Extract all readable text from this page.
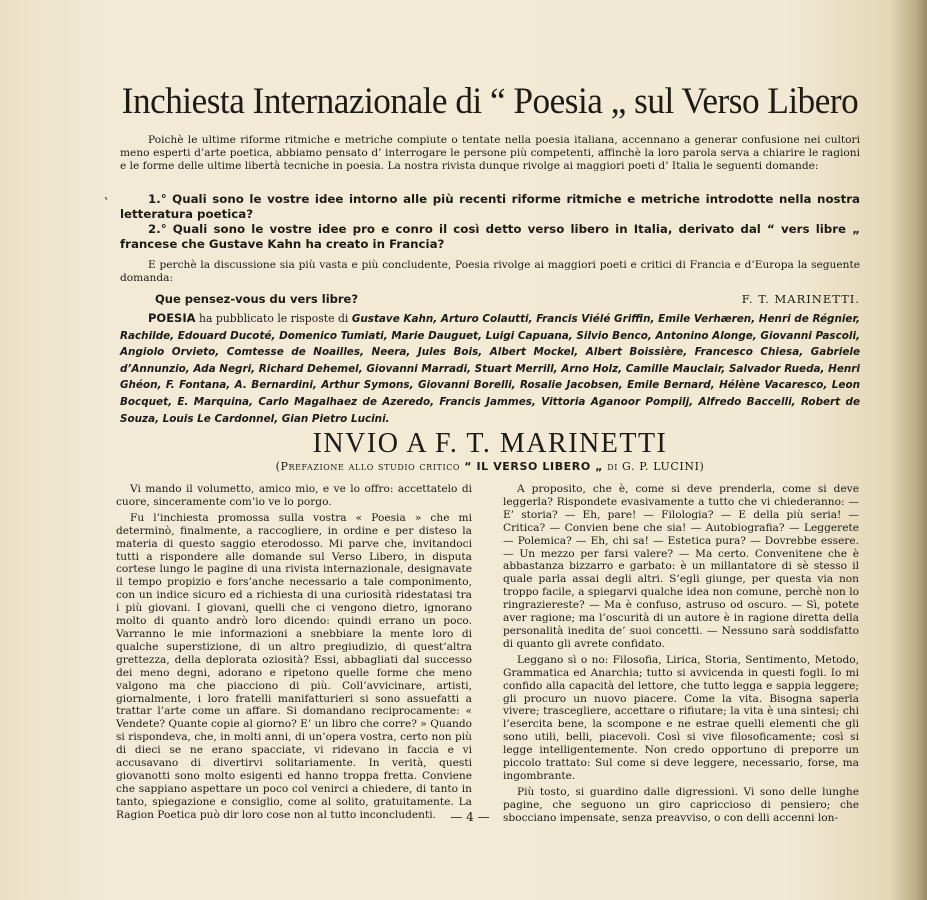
Inchiesta Internazionale di “ Poesia „ sul Verso Libero
Poichè le ultime riforme ritmiche e metriche compiute o tentate nella poesia italiana, accennano a generar confusione nei cultori meno esperti d’arte poetica, abbiamo pensato d’ interrogare le persone più competenti, affinchè la loro parola serva a chiarire le ragioni e le forme delle ultime libertà tecniche in poesia. La nostra rivista dunque rivolge ai maggiori poeti d’ Italia le seguenti domande:
ʽ	1.° Quali sono le vostre idee intorno alle più recenti riforme ritmiche e metriche introdotte nella nostra letteratura poetica?
2.° Quali sono le vostre idee pro e conro il così detto verso libero in Italia, derivato dal “ vers libre „ francese che Gustave Kahn ha creato in Francia?
E perchè la discussione sia più vasta e più concludente, Poesia rivolge ai maggiori poeti e critici di Francia e d’Europa la seguente domanda:
Que pensez-vous du vers libre?	F. T. MARINETTI.
POESIA ha pubblicato le risposte di Gustave Kahn, Arturo Colautti, Francis Viélé Griffin, Emile Verhæren, Henri de Régnier, Rachilde, Edouard Ducoté, Domenico Tumiati, Marie Dauguet, Luigi Capuana, Silvio Benco, Antonino Alonge, Giovanni Pascoli, Angiolo Orvieto, Comtesse de Noailles, Neera, Jules Bois, Albert Mockel, Albert Boissière, Francesco Chiesa, Gabriele d’Annunzio, Ada Negri, Richard Dehemel, Giovanni Marradi, Stuart Merrill, Arno Holz, Camille Mauclair, Salvador Rueda, Henri Ghéon, F. Fontana, A. Bernardini, Arthur Symons, Giovanni Borelli, Rosalie Jacobsen, Emile Bernard, Hélène Vacaresco, Leon Bocquet, E. Marquina, Carlo Magalhaez de Azeredo, Francis Jammes, Vittoria Aganoor Pompilj, Alfredo Baccelli, Robert de Souza, Louis Le Cardonnel, Gian Pietro Lucini.
INVIO A F. T. MARINETTI
(Prefazione allo studio critico “ IL VERSO LIBERO „ di G. P. LUCINI)

Vi mando il volumetto, amico mio, e ve lo offro: accettatelo di cuore, sinceramente com’io ve lo porgo.

Fu l’inchiesta promossa sulla vostra « Poesia » che mi determinò, finalmente, a raccogliere, in ordine e per disteso la materia di questo saggio eterodosso. Mi parve che, invitandoci tutti a rispondere alle domande sul Verso Libero, in disputa cortese lungo le pagine di una rivista internazionale, designavate il tempo propizio e fors’anche necessario a tale componimento, con un indice sicuro ed a richiesta di una curiosità ridestatasi tra i più giovani. I giovani, quelli che ci vengono dietro, ignorano molto di quanto andrò loro dicendo: quindi errano un poco. Varranno le mie informazioni a snebbiare la mente loro di qualche superstizione, di un altro pregiudizio, di quest’altra grettezza, della deplorata oziosità? Essi, abbagliati dal successo dei meno degni, adorano e ripetono quelle forme che meno valgono ma che piacciono di più. Coll’avvicinare, artisti, giornalmente, i loro fratelli manifatturieri si sono assuefatti a trattar l’arte come un affare. Si domandano reciprocamente: « Vendete? Quante copie al giorno? E’ un libro che corre? » Quando si rispondeva, che, in molti anni, di un’opera vostra, certo non più di dieci se ne erano spacciate, vi ridevano in faccia e vi accusavano di divertirvi solitariamente. In verità, questi giovanotti sono molto esigenti ed hanno troppa fretta. Conviene che sappiano aspettare un poco col venirci a chiedere, di tanto in tanto, spiegazione e consiglio, come al solito, gratuitamente. La Ragion Poetica può dir loro cose non al tutto inconcludenti.

A proposito, che è, come si deve prenderla, come si deve leggerla? Rispondete evasivamente a tutto che vi chiederanno: — E’ storia? — Eh, pare! — Filologia? — E della più seria! — Critica? — Convien bene che sia! — Autobiografia? — Leggerete — Polemica? — Eh, chi sa! — Estetica pura? — Dovrebbe essere. — Un mezzo per farsi valere? — Ma certo. Convenitene che è abbastanza bizzarro e garbato: è un millantatore di sè stesso il quale parla assai degli altri. S’egli giunge, per questa via non troppo facile, a spiegarvi qualche idea non comune, perchè non lo ringraziereste? — Ma è confuso, astruso od oscuro. — Sì, potete aver ragione; ma l’oscurità di un autore è in ragione diretta della personalità inedita de’ suoi concetti. — Nessuno sarà soddisfatto di quanto gli avrete confidato.

Leggano sì o no: Filosofia, Lirica, Storia, Sentimento, Metodo, Grammatica ed Anarchia; tutto si avvicenda in questi fogli. Io mi confido alla capacità del lettore, che tutto legga e sappia leggere; gli procuro un nuovo piacere. Come la vita. Bisogna saperla vivere; trascegliere, accettare o rifiutare; la vita è una sintesi; chi l’esercita bene, la scompone e ne estrae quelli elementi che gli sono utili, belli, piacevoli. Così si vive filosoficamente; così si legge intelligentemente. Non credo opportuno di preporre un piccolo trattato: Sul come si deve leggere, necessario, forse, ma ingombrante.

Più tosto, si guardino dalle digressioni. Vi sono delle lunghe pagine, che seguono un giro capriccioso di pensiero; che sbocciano impensate, senza preavviso, o con delli accenni lon-

— 4 —
